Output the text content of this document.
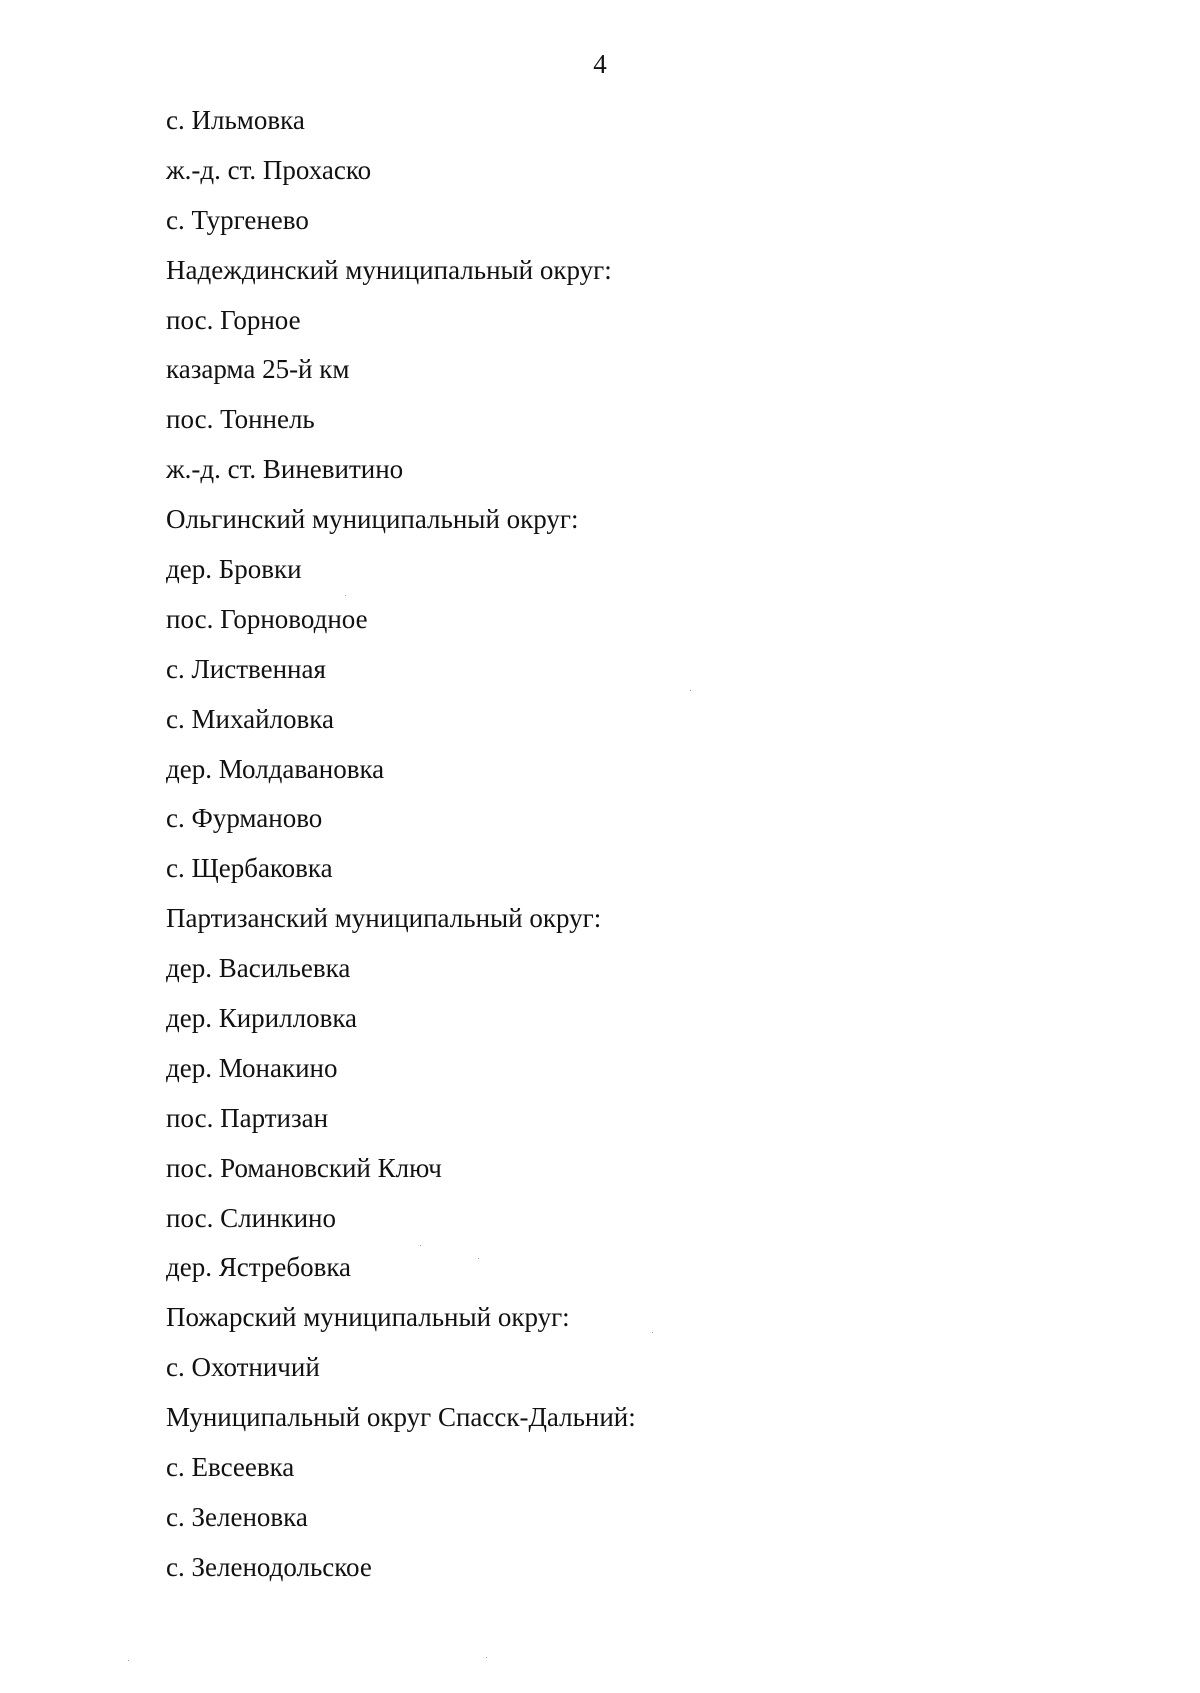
4
с. Ильмовка
ж.-д. ст. Прохаско
с. Тургенево
Надеждинский муниципальный округ:
пос. Горное
казарма 25-й км
пос. Тоннель
ж.-д. ст. Виневитино
Ольгинский муниципальный округ:
дер. Бровки
пос. Горноводное
с. Лиственная
с. Михайловка
дер. Молдавановка
с. Фурманово
с. Щербаковка
Партизанский муниципальный округ:
дер. Васильевка
дер. Кирилловка
дер. Монакино
пос. Партизан
пос. Романовский Ключ
пос. Слинкино
дер. Ястребовка
Пожарский муниципальный округ:
с. Охотничий
Муниципальный округ Спасск-Дальний:
с. Евсеевка
с. Зеленовка
с. Зеленодольское
